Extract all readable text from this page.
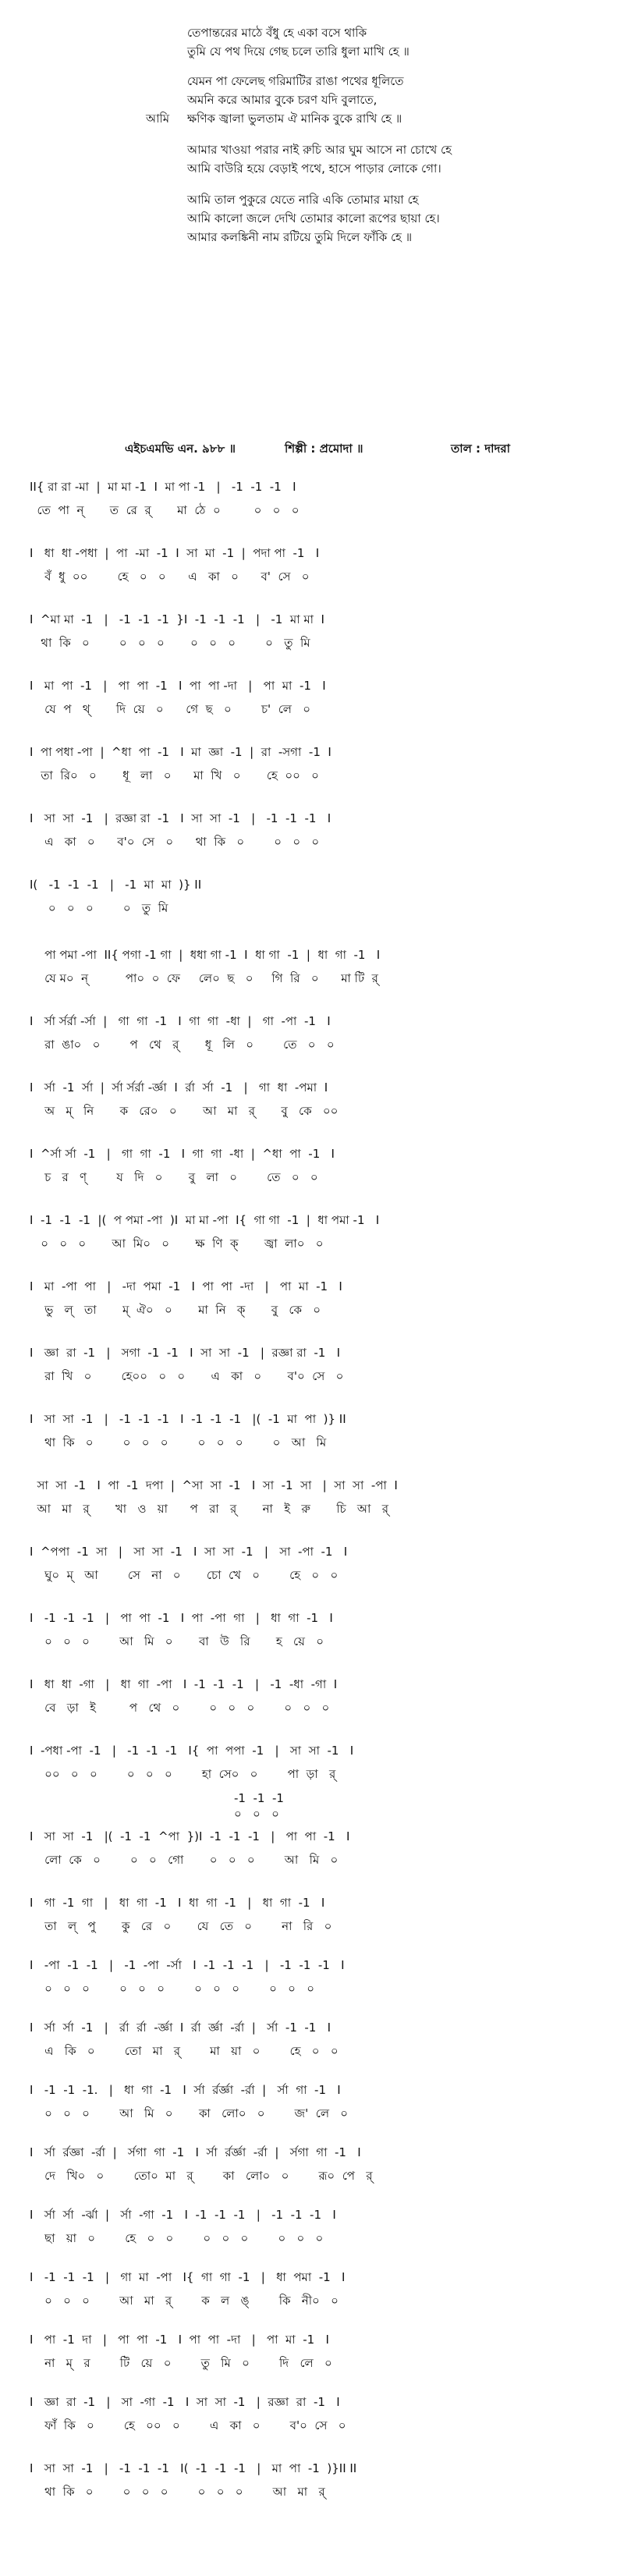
তেপান্তরের মাঠে বঁধু হে একা বসে থাকি
তুমি যে পথ দিয়ে গেছ চলে তারি ধুলা মাখি হে ॥
যেমন পা ফেলেছ গরিমাটির রাঙা পথের ধূলিতে
অমনি করে আমার বুকে চরণ যদি বুলাতে,
আমি ক্ষণিক জ্বালা ভুলতাম ঐ মানিক বুকে রাখি হে ॥
আমার খাওয়া পরার নাই রুচি আর ঘুম আসে না চোখে হে
আমি বাউরি হয়ে বেড়াই পথে, হাসে পাড়ার লোকে গো।
আমি তাল পুকুরে যেতে নারি একি তোমার মায়া হে
আমি কালো জলে দেখি তোমার কালো রূপের ছায়া হে।
আমার কলঙ্কিনী নাম রটিয়ে তুমি দিলে ফাঁকি হে ॥
এইচএমভি এন. ৯৮৮ ॥	শিল্পী : প্রমোদা ॥	তাল : দাদরা
II{ রা রা -মা  |  মা মা -1  I  মা পা -1   |   -1  -1  -1   I
তে  পা  ন্       ত  রে  র্       মা  ঠে  ০         ০   ০   ০
I   ধা  ধা -পধা  |  পা  -মা  -1  I  সা  মা  -1  |  পদা পা  -1   I
বঁ  ধু  ০০        হে   ০   ০      এ   কা   ০      ব'  সে   ০
I  ^মা মা  -1   |   -1  -1  -1  }I  -1  -1  -1   |   -1  মা মা  I
থা  কি   ০        ০   ০   ০       ০   ০   ০        ০   তু  মি
I   মা  পা  -1   |   পা  পা  -1   I  পা  পা -দা   |   পা  মা  -1   I
যে  প   থ্       দি  য়ে   ০      গে  ছ   ০        চ'  লে   ০
I  পা পধা -পা  |  ^ধা  পা  -1   I  মা  জ্ঞা  -1  |  রা  -সগা  -1  I
তা  রি০   ০       ধূ   লা   ০      মা  খি   ০       হে  ০০   ০
I   সা  সা  -1   |  রজ্ঞা রা  -1   I  সা  সা  -1   |   -1  -1  -1   I
এ   কা   ০      ব'০  সে   ০      থা  কি   ০        ০   ০   ০
I(   -1  -1  -1   |   -1  মা  মা  )} II
০   ০   ০        ০   তু  মি
পা পমা -পা  II{ পগা -1 গা  |  ধধা গা -1  I  ধা গা  -1  |  ধা  গা  -1   I
যে ম০  ন্          পা০  ০  ফে     লে০  ছ   ০     গি  রি   ০      মা টি  র্
I   র্সা র্সর্রা -র্সা  |   গা  গা  -1   I  গা  গা  -ধা  |   গা  -পা  -1   I
রা  ঙা০   ০        প   থে   র্       ধূ   লি   ০        তে   ০   ০
I   র্সা  -1  র্সা  |  র্সা র্সর্রা -র্জ্ঞা  I  র্রা  র্সা  -1   |   গা  ধা  -পমা  I
অ   ম্   নি       ক   রে০   ০       আ   মা   র্       বু   কে   ০০
I  ^র্সা র্সা  -1   |   গা  গা  -1   I  গা  গা  -ধা  |  ^ধা  পা  -1   I
চ   র   ণ্        য   দি   ০       বু   লা   ০        তে   ০   ০
I  -1  -1  -1  |(  প পমা -পা  )I  মা মা -পা  I{  গা গা  -1  |  ধা পমা -1   I
০   ০   ০       আ  মি০   ০       ক্ষ  ণি  ক্       জ্বা  লা০   ০
I   মা  -পা  পা   |   -দা  পমা  -1   I  পা  পা  -দা   |   পা  মা  -1   I
ভু   ল্   তা       ম্  ঐ০   ০       মা  নি   ক্       বু   কে   ০
I   জ্ঞা  রা  -1   |   সগা  -1  -1   I  সা  সা  -1   |  রজ্ঞা রা  -1   I
রা  খি   ০        হে০০   ০   ০       এ   কা   ০       ব'০  সে   ০
I   সা  সা  -1   |   -1  -1  -1   I  -1  -1  -1   |(  -1  মা  পা  )} II
থা  কি   ০        ০   ০   ০        ০   ০   ০        ০   আ   মি
সা  সা  -1   I  পা  -1  দপা  |  ^সা  সা  -1   I  সা  -1  সা   |  সা  সা  -পা  I
আ   মা   র্       খা   ও   য়া      প   রা   র্       না   ই   রু       চি   আ   র্
I  ^পপা  -1  সা   |   সা  সা  -1   I  সা  সা  -1   |   সা  -পা  -1   I
ঘু০  ম্   আ        সে   না   ০       চো  খে   ০        হে   ০   ০
I   -1  -1  -1   |   পা  পা  -1   I  পা  -পা  গা   |   ধা  গা  -1   I
০   ০   ০        আ   মি   ০       বা   উ   রি       হ   য়ে   ০
I   ধা  ধা  -গা   |   ধা  গা  -পা   I  -1  -1  -1   |   -1  -ধা  -গা  I
বে   ড়া   ই         প   থে   ০        ০   ০   ০        ০   ০   ০
I  -পধা -পা  -1   |   -1  -1  -1   I{  পা  পপা  -1   |   সা  সা  -1   I
০০   ০   ০        ০   ০   ০        হা  সে০   ০        পা  ড়া   র্
-1  -1  -1
০   ০   ০
I   সা  সা  -1   |(  -1  -1  ^পা  })I  -1  -1  -1   |   পা  পা  -1   I
লো  কে   ০        ০   ০   গো       ০   ০   ০        আ   মি   ০
I   গা  -1  গা   |   ধা  গা  -1   I  ধা  গা  -1   |   ধা  গা  -1   I
তা   ল্   পু       কু   রে   ০       যে   তে   ০        না   রি   ০
I   -পা  -1  -1   |   -1  -পা  -র্সা   I  -1  -1  -1   |   -1  -1  -1   I
০   ০   ০        ০   ০   ০        ০   ০   ০        ০   ০   ০
I   র্সা  র্সা  -1   |   র্রা  র্রা  -র্জ্ঞা  I  র্রা  র্জ্ঞা  -র্রা  |   র্সা  -1  -1   I
এ   কি   ০        তো   মা   র্        মা   য়া   ০        হে   ০   ০
I   -1  -1  -1.   |   ধা  গা  -1   I  র্সা  র্রর্জ্ঞা  -র্রা  |   র্সা  গা  -1   I
০   ০   ০        আ   মি   ০       কা   লো০   ০        জ'  লে   ০
I   র্সা  র্রজ্ঞা  -র্রা  |   র্সগা  গা  -1   I  র্সা  র্রর্জ্ঞা  -র্রা  |   র্সগা  গা  -1   I
দে   খি০   ০        তো০  মা   র্        কা   লো০   ০        রূ০  পে   র্
I   র্সা  র্সা  -র্ঝা  |   র্সা  -গা  -1   I  -1  -1  -1   |   -1  -1  -1   I
ছা   য়া   ০        হে   ০   ০        ০   ০   ০        ০   ০   ০
I   -1  -1  -1   |   গা  মা  -পা   I{  গা  গা  -1   |   ধা  পমা  -1   I
০   ০   ০        আ   মা   র্        ক   ল   ঙ্        কি   নী০   ০
I   পা  -1  দা   |   পা  পা  -1   I  পা  পা  -দা   |   পা  মা  -1   I
না   ম্   র        টি   য়ে   ০        তু   মি   ০        দি   লে   ০
I   জ্ঞা  রা  -1   |   সা  -গা  -1   I  সা  সা  -1   |  রজ্ঞা  রা  -1   I
ফাঁ  কি   ০        হে   ০০   ০        এ   কা   ০        ব'০  সে   ০
I   সা  সা  -1   |   -1  -1  -1   I(  -1  -1  -1   |   মা  পা  -1  )}II II
থা  কি   ০        ০   ০   ০        ০   ০   ০        আ   মা   র্
